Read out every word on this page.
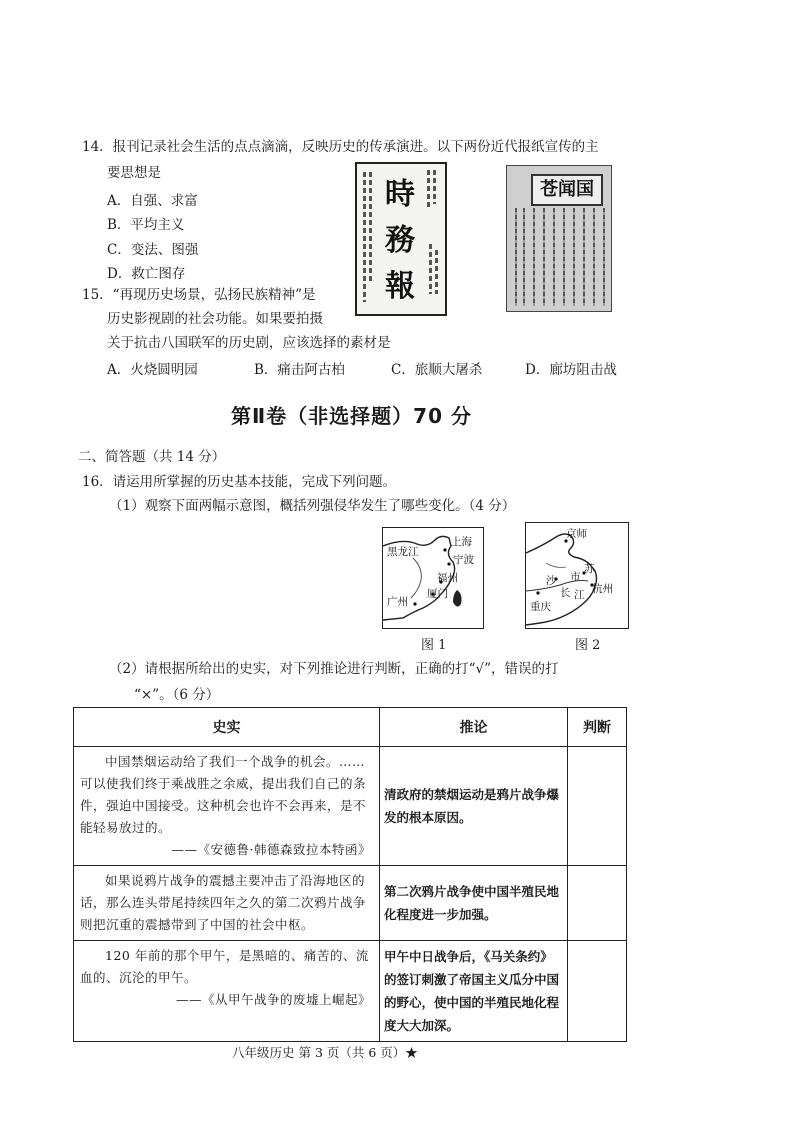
14．报刊记录社会生活的点点滴滴，反映历史的传承演进。以下两份近代报纸宣传的主
要思想是
A．自强、求富
B．平均主义
C．变法、图强
D．救亡图存
時
務
報
苍闻国
15．“再现历史场景，弘扬民族精神”是
历史影视剧的社会功能。如果要拍摄
关于抗击八国联军的历史剧，应该选择的素材是
A．火烧圆明园	B．痛击阿古柏	C．旅顺大屠杀	D．廊坊阻击战
第Ⅱ卷（非选择题）70 分
二、简答题（共 14 分）
16．请运用所掌握的历史基本技能，完成下列问题。
（1）观察下面两幅示意图，概括列强侵华发生了哪些变化。（4 分）
黑龙江
上海
宁波
福州
厦门
广州
图 1
京师
苏
沙 市
长 江 杭州
重庆
图 2
（2）请根据所给出的史实，对下列推论进行判断，正确的打“√”，错误的打
“×”。（6 分）
史实	推论	判断

中国禁烟运动给了我们一个战争的机会。……可以使我们终于乘战胜之余威，提出我们自己的条件，强迫中国接受。这种机会也许不会再来，是不能轻易放过的。

——《安德鲁·韩德森致拉本特函》	清政府的禁烟运动是鸦片战争爆发的根本原因。	

如果说鸦片战争的震撼主要冲击了沿海地区的话，那么连头带尾持续四年之久的第二次鸦片战争则把沉重的震撼带到了中国的社会中枢。	第二次鸦片战争使中国半殖民地化程度进一步加强。	

120 年前的那个甲午，是黑暗的、痛苦的、流血的、沉沦的甲午。

——《从甲午战争的废墟上崛起》	甲午中日战争后，《马关条约》的签订刺激了帝国主义瓜分中国的野心，使中国的半殖民地化程度大大加深。	
八年级历史 第 3 页（共 6 页）★
